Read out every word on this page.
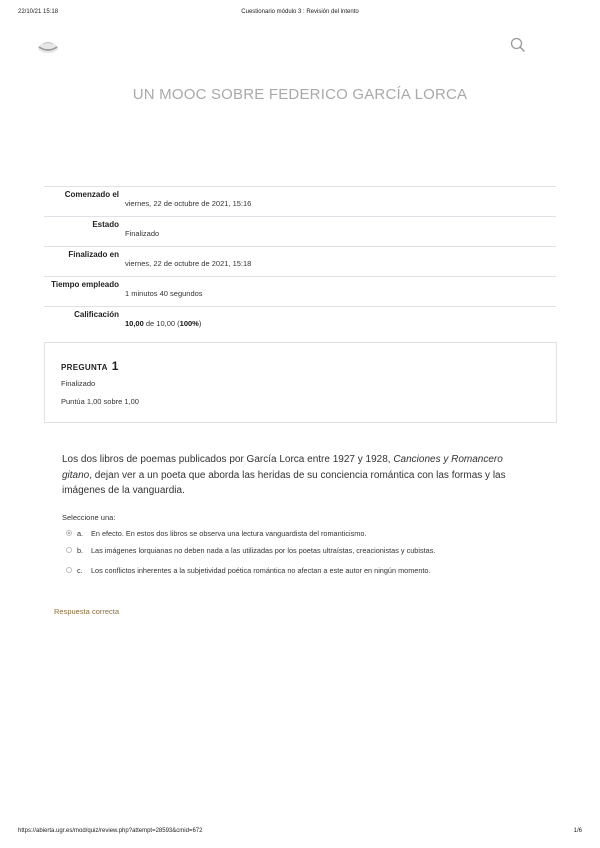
22/10/21 15:18	Cuestionario módulo 3 : Revisión del intento
UN MOOC SOBRE FEDERICO GARCÍA LORCA
Comenzado el
viernes, 22 de octubre de 2021, 15:16
Estado
Finalizado
Finalizado en
viernes, 22 de octubre de 2021, 15:18
Tiempo empleado
1 minutos 40 segundos
Calificación
10,00 de 10,00 (100%)
PREGUNTA 1
Finalizado
Puntúa 1,00 sobre 1,00
Los dos libros de poemas publicados por García Lorca entre 1927 y 1928, Canciones y Romancero gitano, dejan ver a un poeta que aborda las heridas de su conciencia romántica con las formas y las imágenes de la vanguardia.
Seleccione una:
a. En efecto. En estos dos libros se observa una lectura vanguardista del romanticismo.
b. Las imágenes lorquianas no deben nada a las utilizadas por los poetas ultraístas, creacionistas y cubistas.
c. Los conflictos inherentes a la subjetividad poética romántica no afectan a este autor en ningún momento.
Respuesta correcta
https://abierta.ugr.es/mod/quiz/review.php?attempt=28593&cmid=672	1/6
